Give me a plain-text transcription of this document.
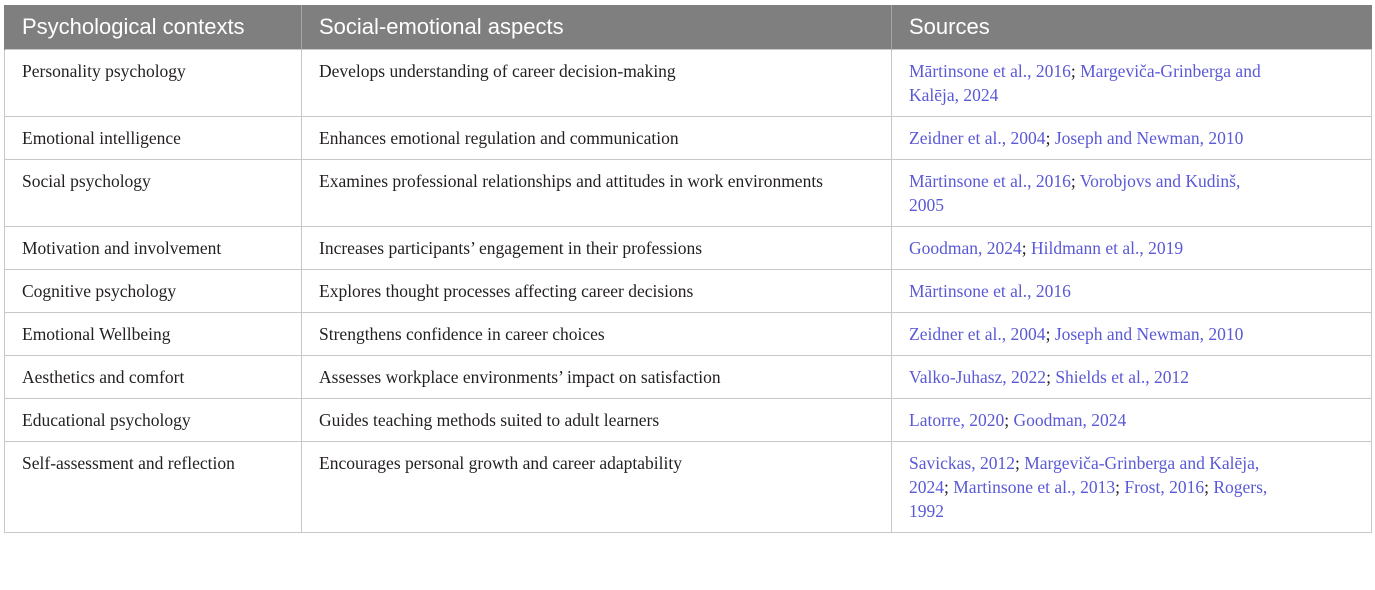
Psychological contexts	Social-emotional aspects	Sources
Personality psychology	Develops understanding of career decision-making	Mārtinsone et al., 2016; Margeviča-Grinberga and Kalēja, 2024
Emotional intelligence	Enhances emotional regulation and communication	Zeidner et al., 2004; Joseph and Newman, 2010
Social psychology	Examines professional relationships and attitudes in work environments	Mārtinsone et al., 2016; Vorobjovs and Kudinš, 2005
Motivation and involvement	Increases participants’ engagement in their professions	Goodman, 2024; Hildmann et al., 2019
Cognitive psychology	Explores thought processes affecting career decisions	Mārtinsone et al., 2016
Emotional Wellbeing	Strengthens confidence in career choices	Zeidner et al., 2004; Joseph and Newman, 2010
Aesthetics and comfort	Assesses workplace environments’ impact on satisfaction	Valko-Juhasz, 2022; Shields et al., 2012
Educational psychology	Guides teaching methods suited to adult learners	Latorre, 2020; Goodman, 2024
Self-assessment and reflection	Encourages personal growth and career adaptability	Savickas, 2012; Margeviča-Grinberga and Kalēja, 2024; Martinsone et al., 2013; Frost, 2016; Rogers, 1992
